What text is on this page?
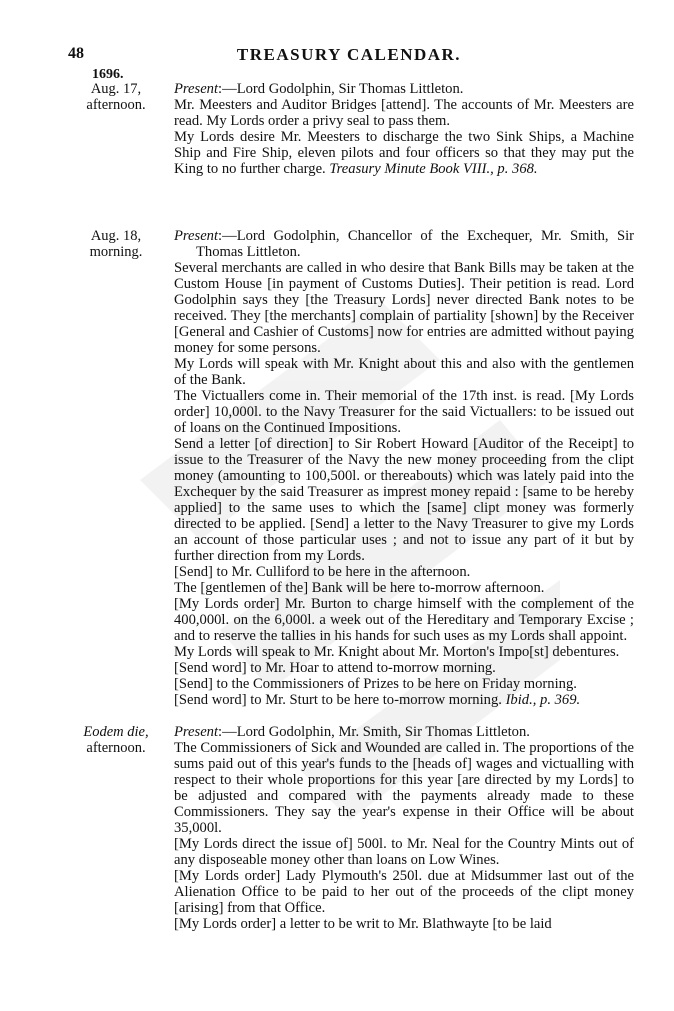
48	TREASURY CALENDAR.
1696.
Aug. 17,
afternoon.

Present:—Lord Godolphin, Sir Thomas Littleton.

Mr. Meesters and Auditor Bridges [attend]. The accounts of Mr. Meesters are read. My Lords order a privy seal to pass them.

My Lords desire Mr. Meesters to discharge the two Sink Ships, a Machine Ship and Fire Ship, eleven pilots and four officers so that they may put the King to no further charge. Treasury Minute Book VIII., p. 368.

Aug. 18,
morning.

Present:—Lord Godolphin, Chancellor of the Exchequer, Mr. Smith, Sir Thomas Littleton.

Several merchants are called in who desire that Bank Bills may be taken at the Custom House [in payment of Customs Duties]. Their petition is read. Lord Godolphin says they [the Treasury Lords] never directed Bank notes to be received. They [the merchants] complain of partiality [shown] by the Receiver [General and Cashier of Customs] now for entries are admitted without paying money for some persons.

My Lords will speak with Mr. Knight about this and also with the gentlemen of the Bank.

The Victuallers come in. Their memorial of the 17th inst. is read. [My Lords order] 10,000l. to the Navy Treasurer for the said Victuallers: to be issued out of loans on the Continued Impositions.

Send a letter [of direction] to Sir Robert Howard [Auditor of the Receipt] to issue to the Treasurer of the Navy the new money proceeding from the clipt money (amounting to 100,500l. or thereabouts) which was lately paid into the Exchequer by the said Treasurer as imprest money repaid : [same to be hereby applied] to the same uses to which the [same] clipt money was formerly directed to be applied. [Send] a letter to the Navy Treasurer to give my Lords an account of those particular uses ; and not to issue any part of it but by further direction from my Lords.

[Send] to Mr. Culliford to be here in the afternoon.

The [gentlemen of the] Bank will be here to-morrow afternoon.

[My Lords order] Mr. Burton to charge himself with the complement of the 400,000l. on the 6,000l. a week out of the Hereditary and Temporary Excise ; and to reserve the tallies in his hands for such uses as my Lords shall appoint.

My Lords will speak to Mr. Knight about Mr. Morton's Impo[st] debentures.

[Send word] to Mr. Hoar to attend to-morrow morning.

[Send] to the Commissioners of Prizes to be here on Friday morning.

[Send word] to Mr. Sturt to be here to-morrow morning. Ibid., p. 369.

Eodem die,
afternoon.

Present:—Lord Godolphin, Mr. Smith, Sir Thomas Littleton.

The Commissioners of Sick and Wounded are called in. The proportions of the sums paid out of this year's funds to the [heads of] wages and victualling with respect to their whole proportions for this year [are directed by my Lords] to be adjusted and compared with the payments already made to these Commissioners. They say the year's expense in their Office will be about 35,000l.

[My Lords direct the issue of] 500l. to Mr. Neal for the Country Mints out of any disposeable money other than loans on Low Wines.

[My Lords order] Lady Plymouth's 250l. due at Midsummer last out of the Alienation Office to be paid to her out of the proceeds of the clipt money [arising] from that Office.

[My Lords order] a letter to be writ to Mr. Blathwayte [to be laid
